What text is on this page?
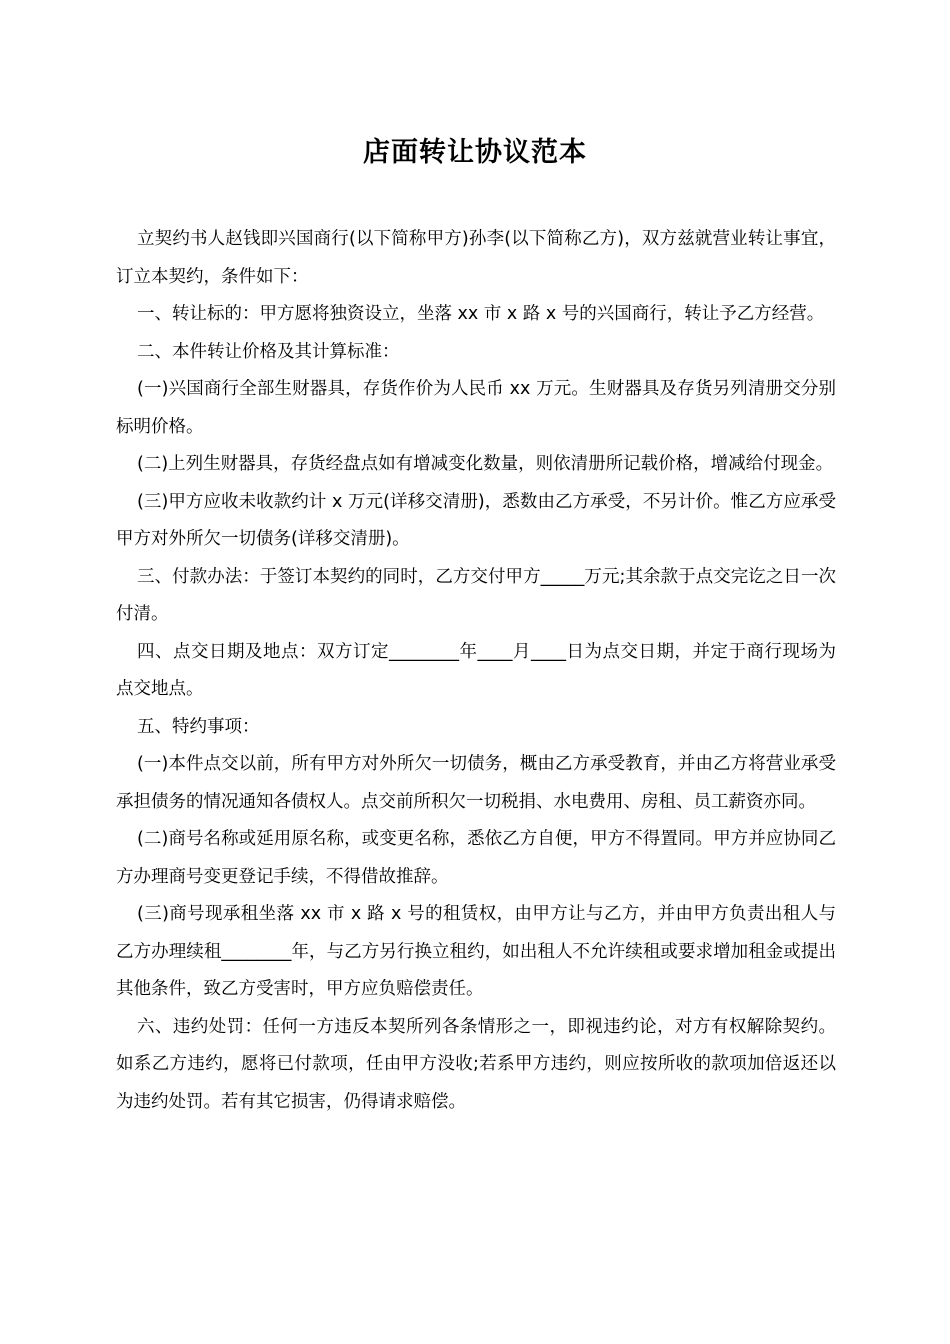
店面转让协议范本

立契约书人赵钱即兴国商行(以下简称甲方)孙李(以下简称乙方)，双方兹就营业转让事宜，订立本契约，条件如下：

一、转让标的：甲方愿将独资设立，坐落 xx 市 x 路 x 号的兴国商行，转让予乙方经营。

二、本件转让价格及其计算标准：

(一)兴国商行全部生财器具，存货作价为人民币 xx 万元。生财器具及存货另列清册交分别标明价格。

(二)上列生财器具，存货经盘点如有增减变化数量，则依清册所记载价格，增减给付现金。

(三)甲方应收未收款约计 x 万元(详移交清册)，悉数由乙方承受，不另计价。惟乙方应承受甲方对外所欠一切债务(详移交清册)。

三、付款办法：于签订本契约的同时，乙方交付甲方_____万元;其余款于点交完讫之日一次付清。

四、点交日期及地点：双方订定________年____月____日为点交日期，并定于商行现场为点交地点。

五、特约事项：

(一)本件点交以前，所有甲方对外所欠一切债务，概由乙方承受教育，并由乙方将营业承受承担债务的情况通知各债权人。点交前所积欠一切税捐、水电费用、房租、员工薪资亦同。

(二)商号名称或延用原名称，或变更名称，悉依乙方自便，甲方不得置同。甲方并应协同乙方办理商号变更登记手续，不得借故推辞。

(三)商号现承租坐落 xx 市 x 路 x 号的租赁权，由甲方让与乙方，并由甲方负责出租人与乙方办理续租________年，与乙方另行换立租约，如出租人不允许续租或要求增加租金或提出其他条件，致乙方受害时，甲方应负赔偿责任。

六、违约处罚：任何一方违反本契所列各条情形之一，即视违约论，对方有权解除契约。如系乙方违约，愿将已付款项，任由甲方没收;若系甲方违约，则应按所收的款项加倍返还以为违约处罚。若有其它损害，仍得请求赔偿。
